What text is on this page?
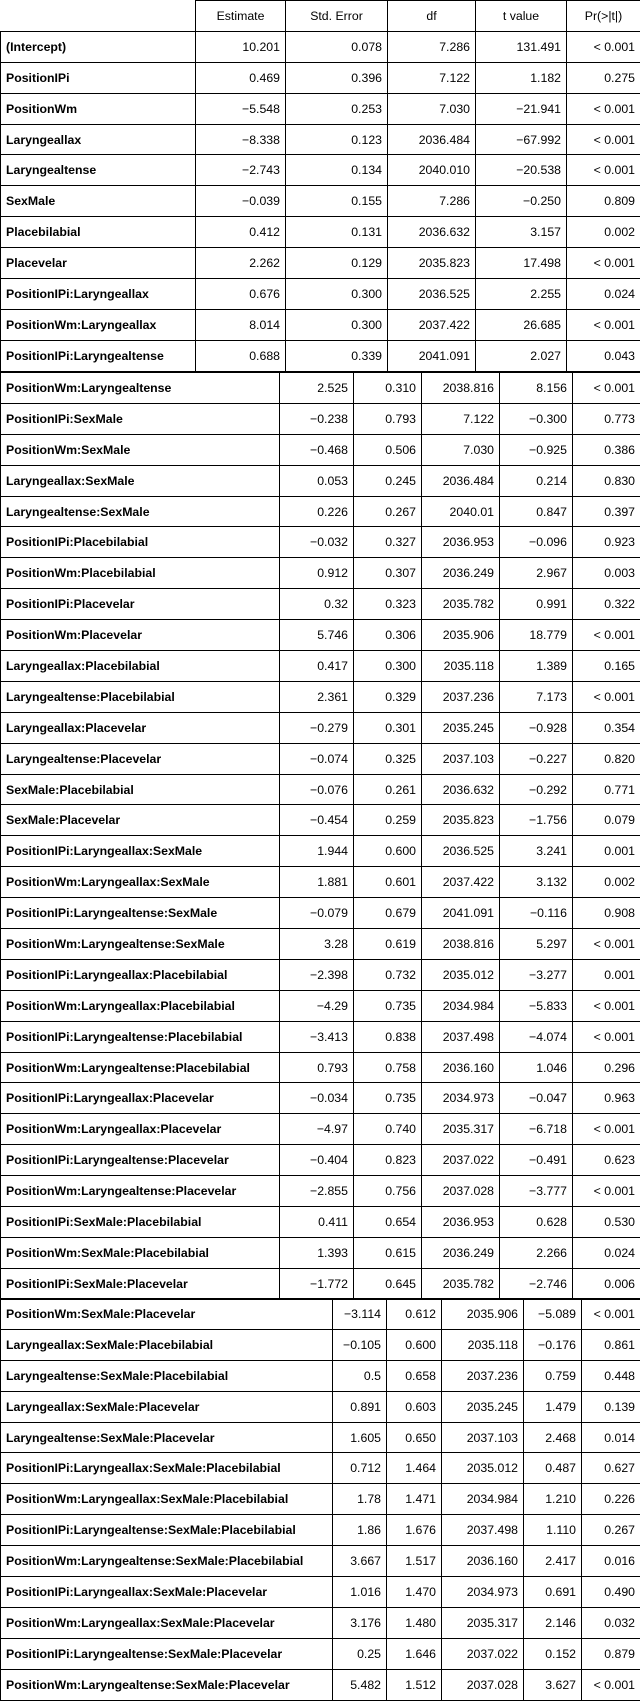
	Estimate	Std. Error	df	t value	Pr(>|t|)
(Intercept)	10.201	0.078	7.286	131.491	< 0.001
PositionIPi	0.469	0.396	7.122	1.182	0.275
PositionWm	−5.548	0.253	7.030	−21.941	< 0.001
Laryngeallax	−8.338	0.123	2036.484	−67.992	< 0.001
Laryngealtense	−2.743	0.134	2040.010	−20.538	< 0.001
SexMale	−0.039	0.155	7.286	−0.250	0.809
Placebilabial	0.412	0.131	2036.632	3.157	0.002
Placevelar	2.262	0.129	2035.823	17.498	< 0.001
PositionIPi:Laryngeallax	0.676	0.300	2036.525	2.255	0.024
PositionWm:Laryngeallax	8.014	0.300	2037.422	26.685	< 0.001
PositionIPi:Laryngealtense	0.688	0.339	2041.091	2.027	0.043
PositionWm:Laryngealtense	2.525	0.310	2038.816	8.156	< 0.001
PositionIPi:SexMale	−0.238	0.793	7.122	−0.300	0.773
PositionWm:SexMale	−0.468	0.506	7.030	−0.925	0.386
Laryngeallax:SexMale	0.053	0.245	2036.484	0.214	0.830
Laryngealtense:SexMale	0.226	0.267	2040.01	0.847	0.397
PositionIPi:Placebilabial	−0.032	0.327	2036.953	−0.096	0.923
PositionWm:Placebilabial	0.912	0.307	2036.249	2.967	0.003
PositionIPi:Placevelar	0.32	0.323	2035.782	0.991	0.322
PositionWm:Placevelar	5.746	0.306	2035.906	18.779	< 0.001
Laryngeallax:Placebilabial	0.417	0.300	2035.118	1.389	0.165
Laryngealtense:Placebilabial	2.361	0.329	2037.236	7.173	< 0.001
Laryngeallax:Placevelar	−0.279	0.301	2035.245	−0.928	0.354
Laryngealtense:Placevelar	−0.074	0.325	2037.103	−0.227	0.820
SexMale:Placebilabial	−0.076	0.261	2036.632	−0.292	0.771
SexMale:Placevelar	−0.454	0.259	2035.823	−1.756	0.079
PositionIPi:Laryngeallax:SexMale	1.944	0.600	2036.525	3.241	0.001
PositionWm:Laryngeallax:SexMale	1.881	0.601	2037.422	3.132	0.002
PositionIPi:Laryngealtense:SexMale	−0.079	0.679	2041.091	−0.116	0.908
PositionWm:Laryngealtense:SexMale	3.28	0.619	2038.816	5.297	< 0.001
PositionIPi:Laryngeallax:Placebilabial	−2.398	0.732	2035.012	−3.277	0.001
PositionWm:Laryngeallax:Placebilabial	−4.29	0.735	2034.984	−5.833	< 0.001
PositionIPi:Laryngealtense:Placebilabial	−3.413	0.838	2037.498	−4.074	< 0.001
PositionWm:Laryngealtense:Placebilabial	0.793	0.758	2036.160	1.046	0.296
PositionIPi:Laryngeallax:Placevelar	−0.034	0.735	2034.973	−0.047	0.963
PositionWm:Laryngeallax:Placevelar	−4.97	0.740	2035.317	−6.718	< 0.001
PositionIPi:Laryngealtense:Placevelar	−0.404	0.823	2037.022	−0.491	0.623
PositionWm:Laryngealtense:Placevelar	−2.855	0.756	2037.028	−3.777	< 0.001
PositionIPi:SexMale:Placebilabial	0.411	0.654	2036.953	0.628	0.530
PositionWm:SexMale:Placebilabial	1.393	0.615	2036.249	2.266	0.024
PositionIPi:SexMale:Placevelar	−1.772	0.645	2035.782	−2.746	0.006
PositionWm:SexMale:Placevelar	−3.114	0.612	2035.906	−5.089	< 0.001
Laryngeallax:SexMale:Placebilabial	−0.105	0.600	2035.118	−0.176	0.861
Laryngealtense:SexMale:Placebilabial	0.5	0.658	2037.236	0.759	0.448
Laryngeallax:SexMale:Placevelar	0.891	0.603	2035.245	1.479	0.139
Laryngealtense:SexMale:Placevelar	1.605	0.650	2037.103	2.468	0.014
PositionIPi:Laryngeallax:SexMale:Placebilabial	0.712	1.464	2035.012	0.487	0.627
PositionWm:Laryngeallax:SexMale:Placebilabial	1.78	1.471	2034.984	1.210	0.226
PositionIPi:Laryngealtense:SexMale:Placebilabial	1.86	1.676	2037.498	1.110	0.267
PositionWm:Laryngealtense:SexMale:Placebilabial	3.667	1.517	2036.160	2.417	0.016
PositionIPi:Laryngeallax:SexMale:Placevelar	1.016	1.470	2034.973	0.691	0.490
PositionWm:Laryngeallax:SexMale:Placevelar	3.176	1.480	2035.317	2.146	0.032
PositionIPi:Laryngealtense:SexMale:Placevelar	0.25	1.646	2037.022	0.152	0.879
PositionWm:Laryngealtense:SexMale:Placevelar	5.482	1.512	2037.028	3.627	< 0.001
